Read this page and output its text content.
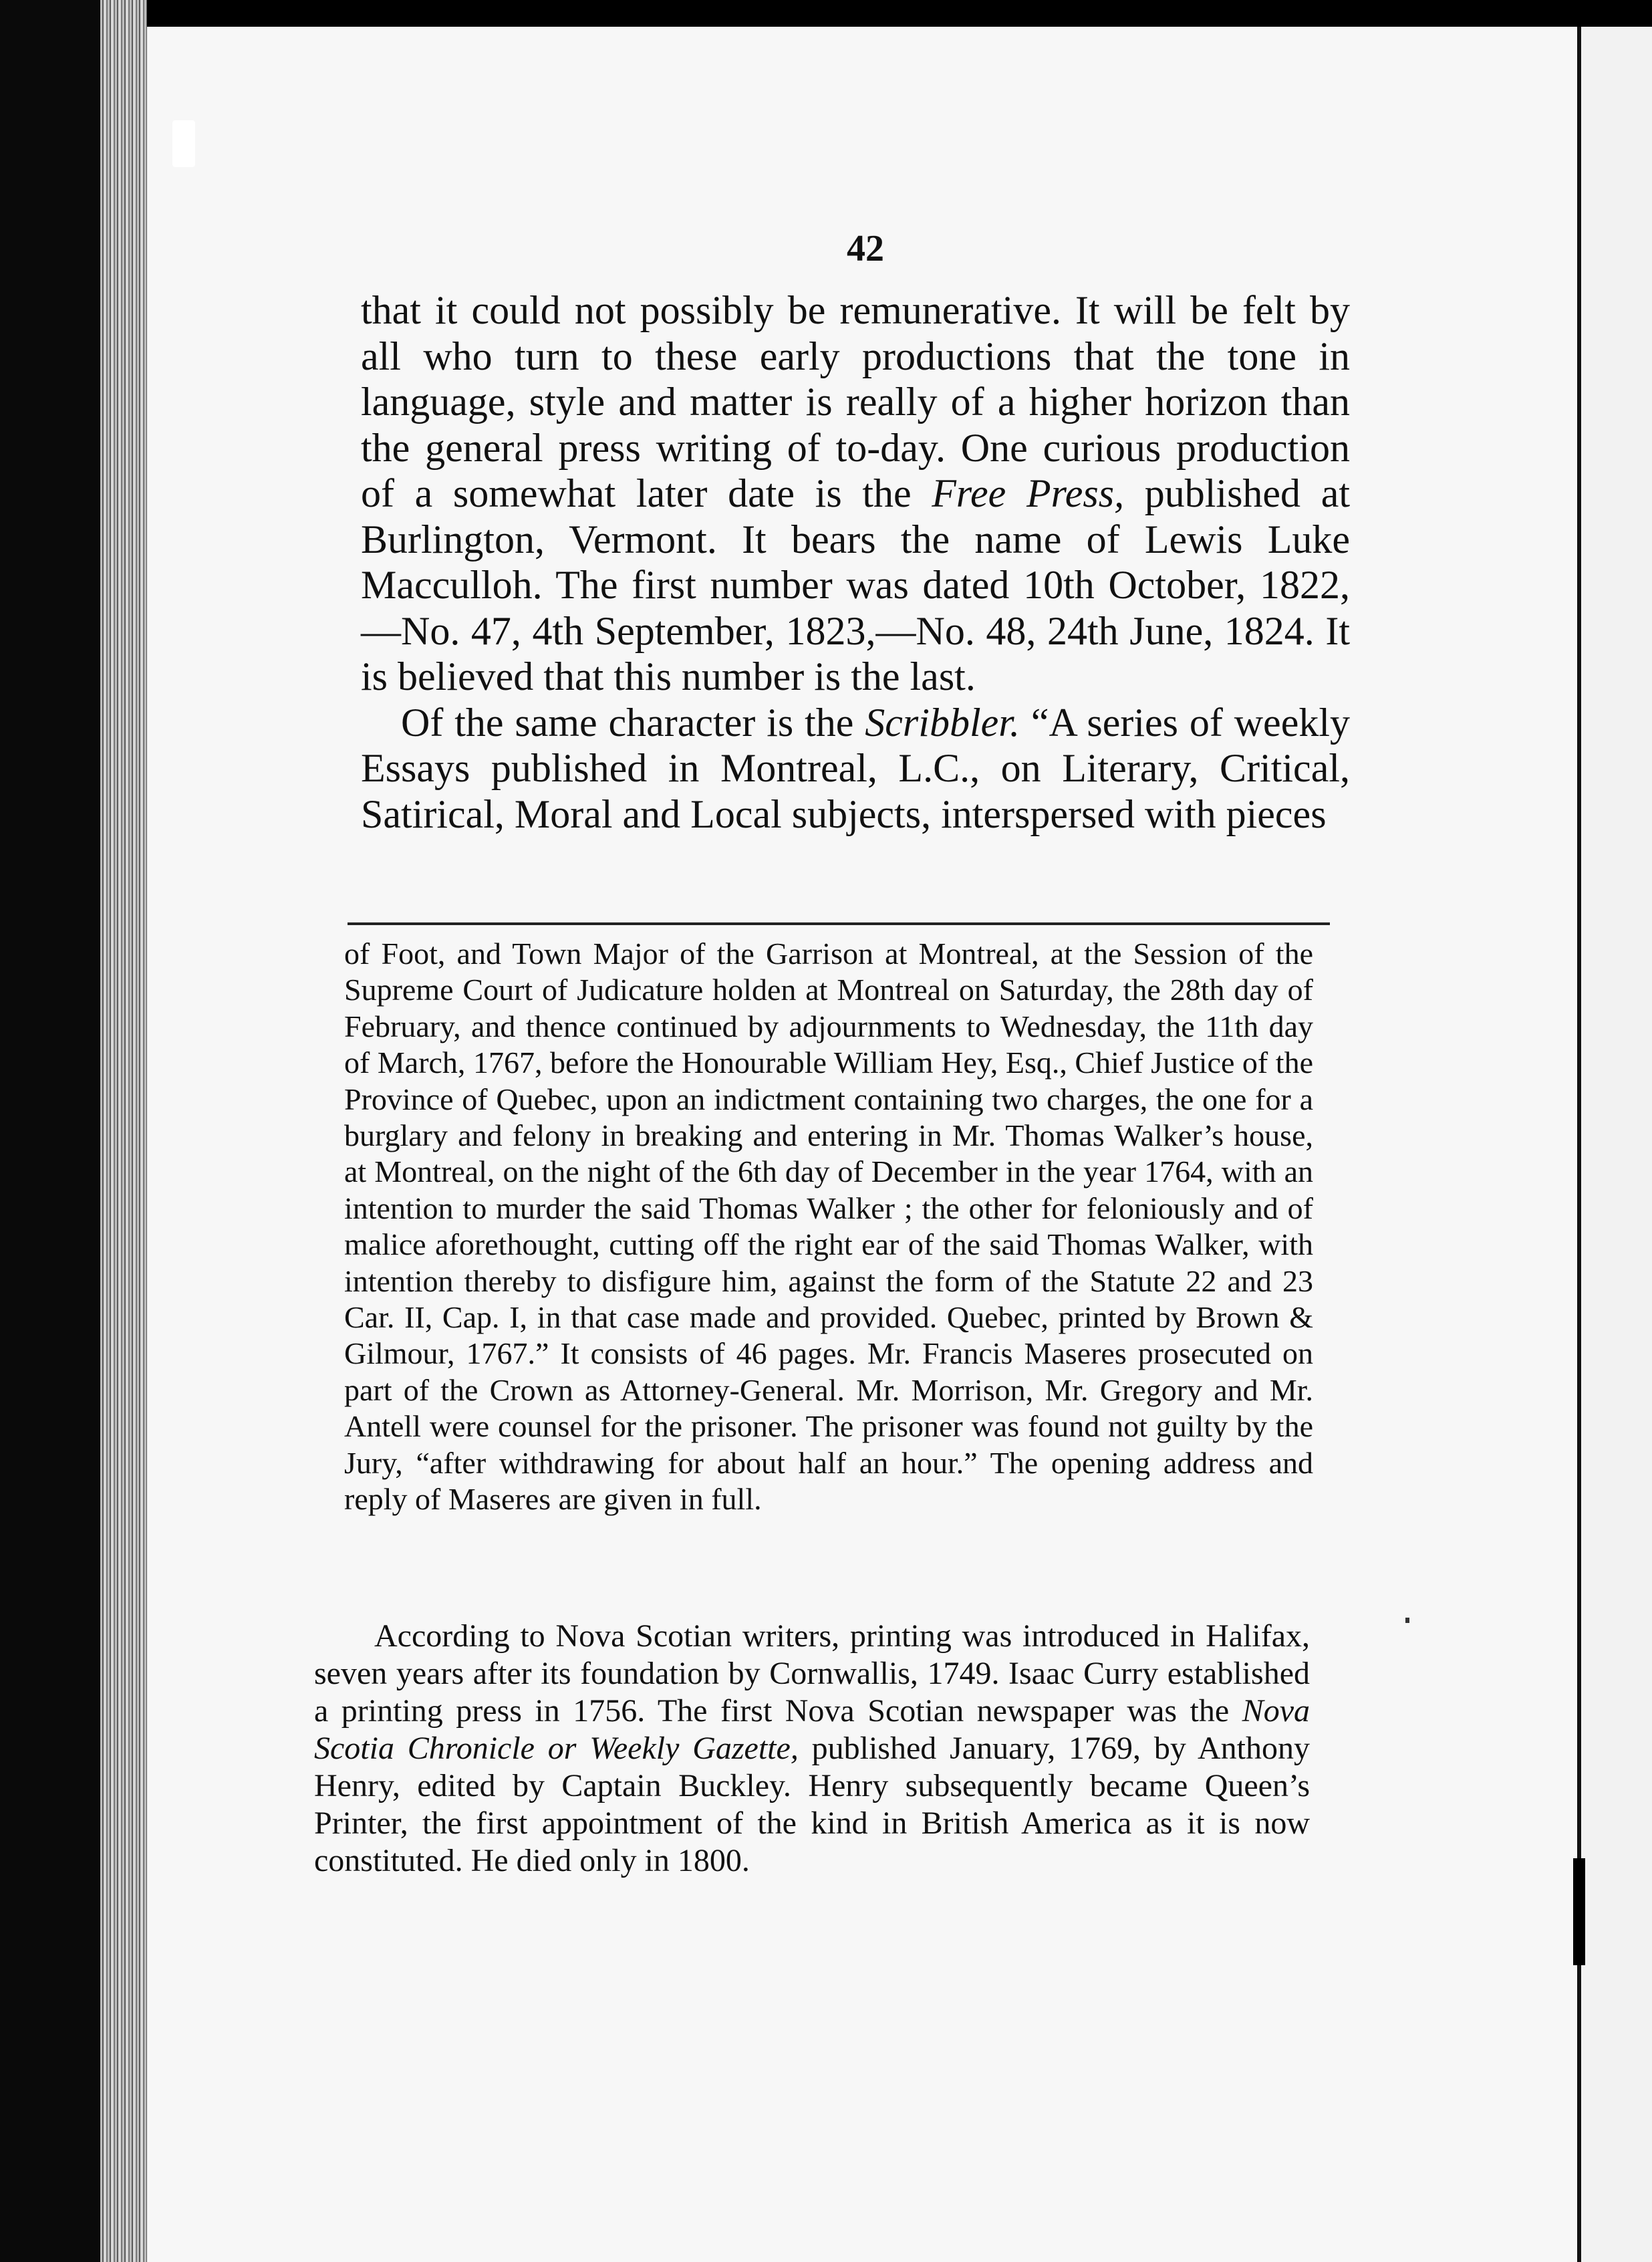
42

that it could not possibly be remunerative. It will be felt by all who turn to these early productions that the tone in language, style and matter is really of a higher horizon than the general press writing of to-day. One curious production of a somewhat later date is the Free Press, published at Burlington, Vermont. It bears the name of Lewis Luke Macculloh. The first number was dated 10th October, 1822, —No. 47, 4th September, 1823,—No. 48, 24th June, 1824. It is believed that this number is the last.

Of the same character is the Scribbler. “A series of weekly Essays published in Montreal, L.C., on Literary, Critical, Satirical, Moral and Local subjects, interspersed with pieces

of Foot, and Town Major of the Garrison at Montreal, at the Session of the Supreme Court of Judicature holden at Montreal on Saturday, the 28th day of February, and thence continued by adjournments to Wednesday, the 11th day of March, 1767, before the Honourable William Hey, Esq., Chief Justice of the Province of Quebec, upon an indictment containing two charges, the one for a burglary and felony in breaking and entering in Mr. Thomas Walker’s house, at Montreal, on the night of the 6th day of December in the year 1764, with an intention to murder the said Thomas Walker ; the other for feloniously and of malice aforethought, cutting off the right ear of the said Thomas Walker, with intention thereby to disfigure him, against the form of the Statute 22 and 23 Car. II, Cap. I, in that case made and provided. Quebec, printed by Brown & Gilmour, 1767.” It consists of 46 pages. Mr. Francis Maseres prosecuted on part of the Crown as Attorney-General. Mr. Morrison, Mr. Gregory and Mr. Antell were counsel for the prisoner. The prisoner was found not guilty by the Jury, “after withdrawing for about half an hour.” The opening address and reply of Maseres are given in full.

According to Nova Scotian writers, printing was introduced in Halifax, seven years after its foundation by Cornwallis, 1749. Isaac Curry established a printing press in 1756. The first Nova Scotian newspaper was the Nova Scotia Chronicle or Weekly Gazette, published January, 1769, by Anthony Henry, edited by Captain Buckley. Henry subsequently became Queen’s Printer, the first appointment of the kind in British America as it is now constituted. He died only in 1800.
